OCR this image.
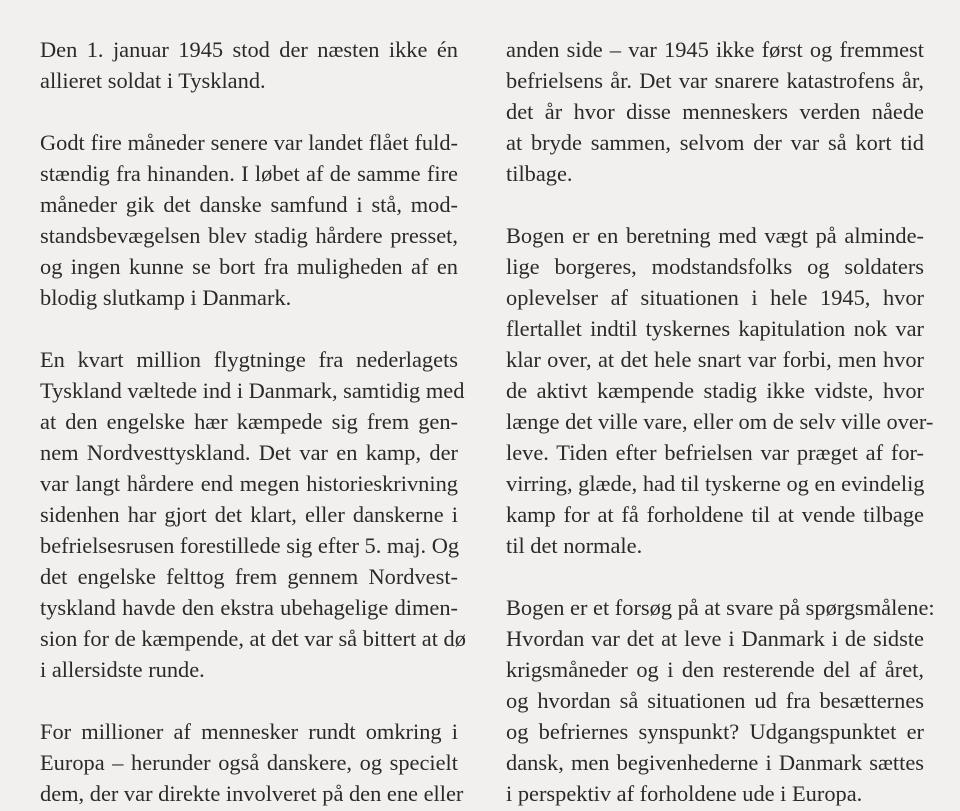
Den 1. januar 1945 stod der næsten ikke én
allieret soldat i Tyskland.

Godt fire måneder senere var landet flået fuld-
stændig fra hinanden. I løbet af de samme fire
måneder gik det danske samfund i stå, mod-
standsbevægelsen blev stadig hårdere presset,
og ingen kunne se bort fra muligheden af en
blodig slutkamp i Danmark.

En kvart million flygtninge fra nederlagets
Tyskland væltede ind i Danmark, samtidig med
at den engelske hær kæmpede sig frem gen-
nem Nordvesttyskland. Det var en kamp, der
var langt hårdere end megen historieskrivning
sidenhen har gjort det klart, eller danskerne i
befrielsesrusen forestillede sig efter 5. maj. Og
det engelske felttog frem gennem Nordvest-
tyskland havde den ekstra ubehagelige dimen-
sion for de kæmpende, at det var så bittert at dø
i allersidste runde.

For millioner af mennesker rundt omkring i
Europa – herunder også danskere, og specielt
dem, der var direkte involveret på den ene eller

anden side – var 1945 ikke først og fremmest
befrielsens år. Det var snarere katastrofens år,
det år hvor disse menneskers verden nåede
at bryde sammen, selvom der var så kort tid
tilbage.

Bogen er en beretning med vægt på alminde-
lige borgeres, modstandsfolks og soldaters
oplevelser af situationen i hele 1945, hvor
flertallet indtil tyskernes kapitulation nok var
klar over, at det hele snart var forbi, men hvor
de aktivt kæmpende stadig ikke vidste, hvor
længe det ville vare, eller om de selv ville over-
leve. Tiden efter befrielsen var præget af for-
virring, glæde, had til tyskerne og en evindelig
kamp for at få forholdene til at vende tilbage
til det normale.

Bogen er et forsøg på at svare på spørgsmålene:
Hvordan var det at leve i Danmark i de sidste
krigsmåneder og i den resterende del af året,
og hvordan så situationen ud fra besætternes
og befriernes synspunkt? Udgangspunktet er
dansk, men begivenhederne i Danmark sættes
i perspektiv af forholdene ude i Europa.
